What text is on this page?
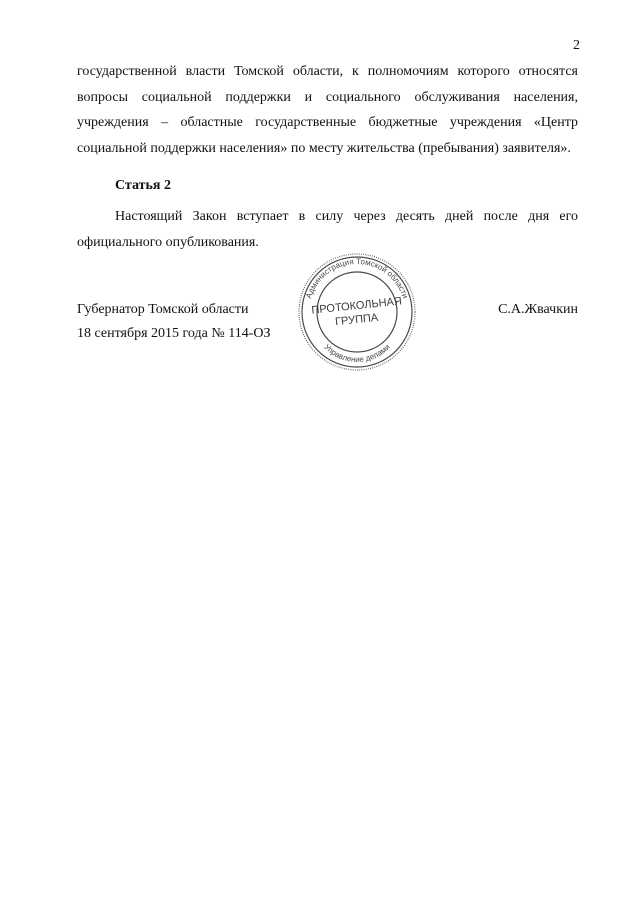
2
государственной власти Томской области, к полномочиям которого относятся вопросы социальной поддержки и социального обслуживания населения, учреждения – областные государственные бюджетные учреждения «Центр социальной поддержки населения» по месту жительства (пребывания) заявителя».
Статья 2
Настоящий Закон вступает в силу через десять дней после дня его официального опубликования.
Губернатор Томской области
18 сентября 2015 года № 114-ОЗ
С.А.Жвачкин
Администрация Томской области
Управление делами
ПРОТОКОЛЬНАЯ
ГРУППА
